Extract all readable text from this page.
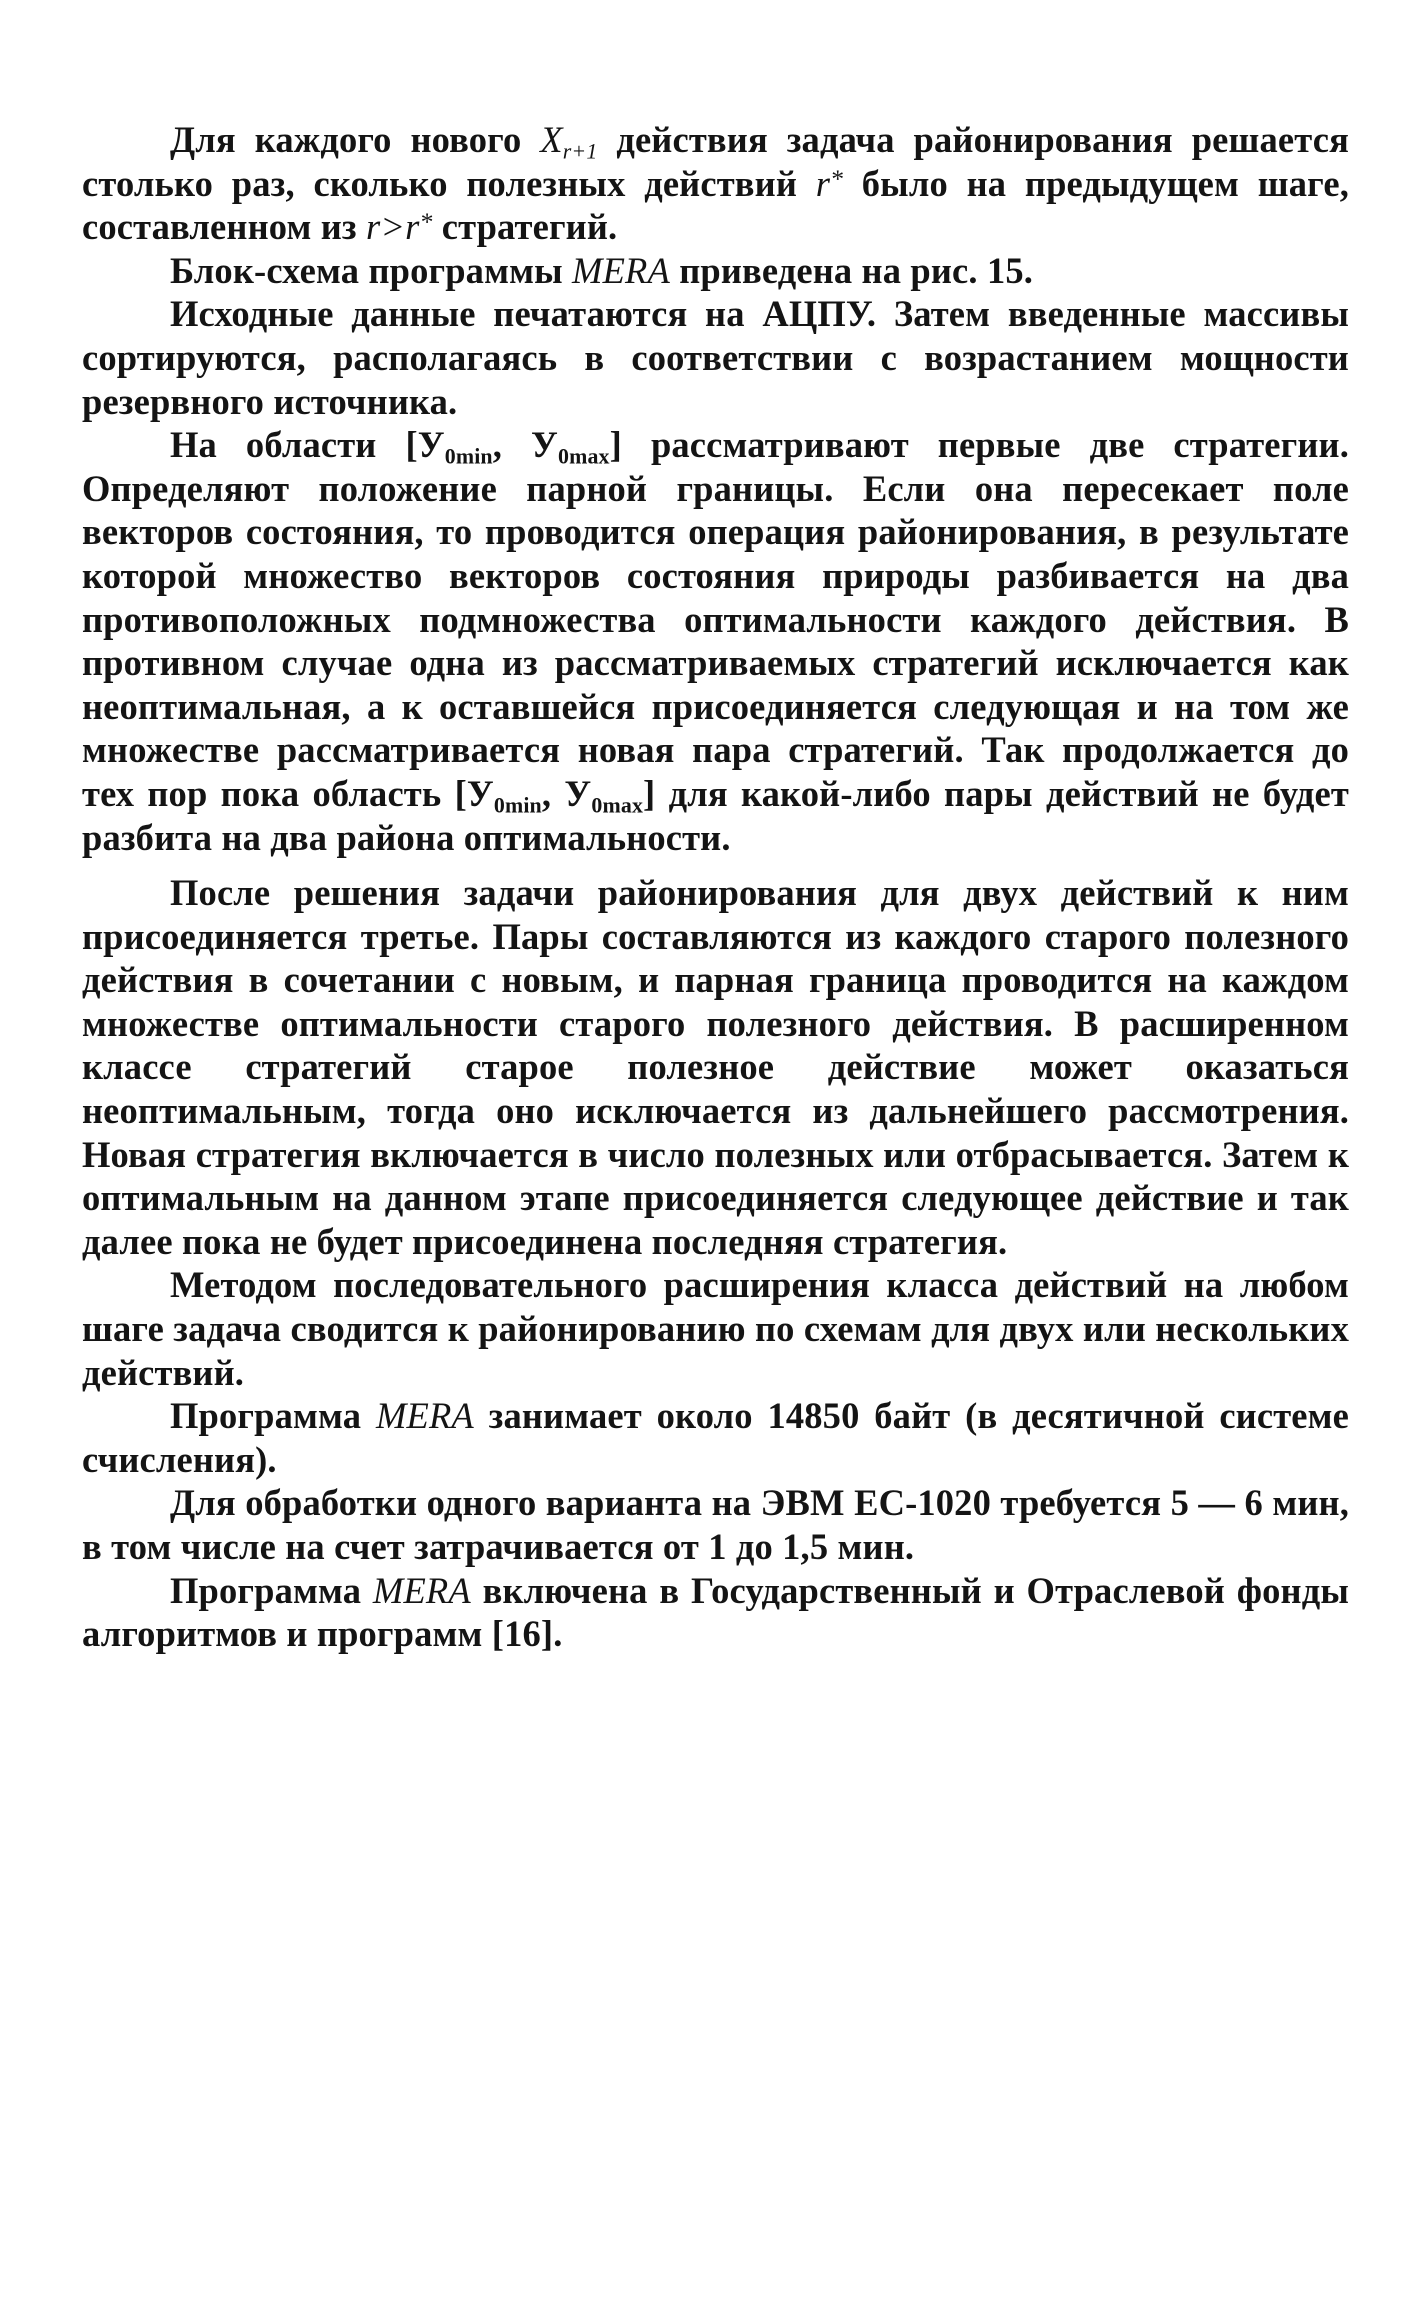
Для каждого нового $X_{r+1}$ действия задача районирования решается столько раз, сколько полезных действий r* было на предыдущем шаге, составленном из r>r* стратегий.

Блок-схема программы MERA приведена на рис. 15.

Исходные данные печатаются на АЦПУ. Затем введенные массивы сортируются, располагаясь в соответствии с возрастанием мощности резервного источника.

На области [$У_{0min}$, $У_{0max}$] рассматривают первые две стратегии. Определяют положение парной границы. Если она пересекает поле векторов состояния, то проводится операция районирования, в результате которой множество векторов состояния природы разбивается на два противоположных подмножества оптимальности каждого действия. В противном случае одна из рассматриваемых стратегий исключается как неоптимальная, а к оставшейся присоединяется следующая и на том же множестве рассматривается новая пара стратегий. Так продолжается до тех пор пока область [$У_{0min}$, $У_{0max}$] для какой-либо пары действий не будет разбита на два района оптимальности.

После решения задачи районирования для двух действий к ним присоединяется третье. Пары составляются из каждого старого полезного действия в сочетании с новым, и парная граница проводится на каждом множестве оптимальности старого полезного действия. В расширенном классе стратегий старое полезное действие может оказаться неоптимальным, тогда оно исключается из дальнейшего рассмотрения. Новая стратегия включается в число полезных или отбрасывается. Затем к оптимальным на данном этапе присоединяется следующее действие и так далее пока не будет присоединена последняя стратегия.

Методом последовательного расширения класса действий на любом шаге задача сводится к районированию по схемам для двух или нескольких действий.

Программа MERA занимает около 14850 байт (в десятичной системе счисления).

Для обработки одного варианта на ЭВМ ЕС-1020 требуется 5 — 6 мин, в том числе на счет затрачивается от 1 до 1,5 мин.

Программа MERA включена в Государственный и Отраслевой фонды алгоритмов и программ [16].
